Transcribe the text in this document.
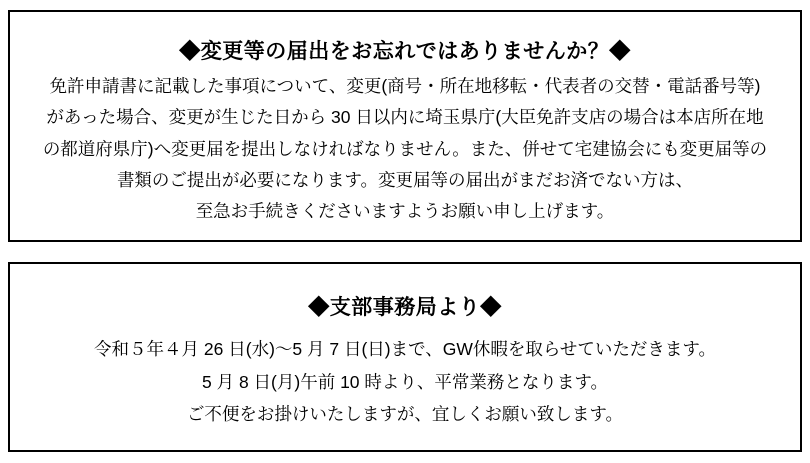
◆変更等の届出をお忘れではありませんか？◆

免許申請書に記載した事項について、変更(商号・所在地移転・代表者の交替・電話番号等)
があった場合、変更が生じた日から 30 日以内に埼玉県庁(大臣免許支店の場合は本店所在地
の都道府県庁)へ変更届を提出しなければなりません。また、併せて宅建協会にも変更届等の
書類のご提出が必要になります。変更届等の届出がまだお済でない方は、
至急お手続きくださいますようお願い申し上げます。

◆支部事務局より◆

令和５年４月 26 日(水)～5 月 7 日(日)まで、GW休暇を取らせていただきます。
5 月 8 日(月)午前 10 時より、平常業務となります。
ご不便をお掛けいたしますが、宜しくお願い致します。
